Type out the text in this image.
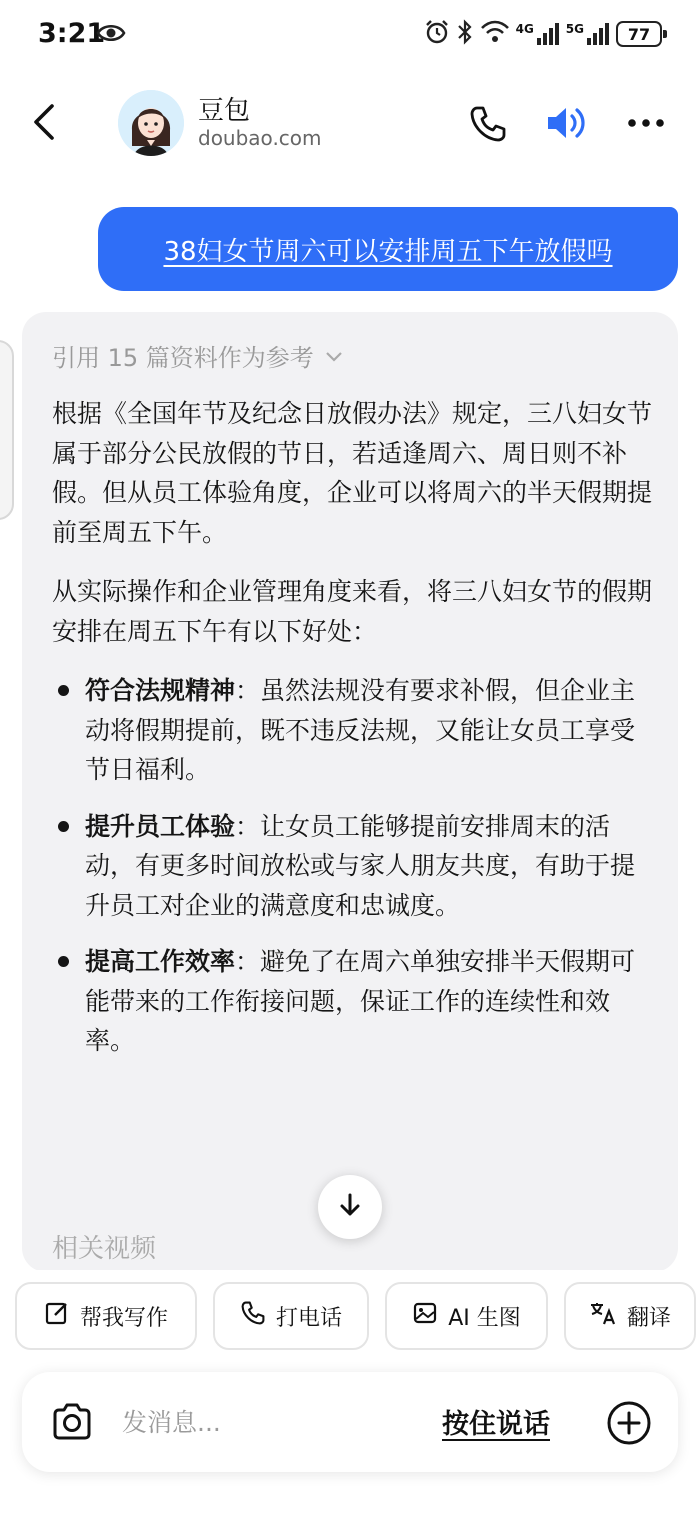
3:21	4G	5G	77
豆包
doubao.com
38妇女节周六可以安排周五下午放假吗
引用 15 篇资料作为参考

根据《全国年节及纪念日放假办法》规定，三八妇女节属于部分公民放假的节日，若适逢周六、周日则不补假。但从员工体验角度，企业可以将周六的半天假期提前至周五下午。

从实际操作和企业管理角度来看，将三八妇女节的假期安排在周五下午有以下好处：

符合法规精神：虽然法规没有要求补假，但企业主动将假期提前，既不违反法规，又能让女员工享受节日福利。
提升员工体验：让女员工能够提前安排周末的活动，有更多时间放松或与家人朋友共度，有助于提升员工对企业的满意度和忠诚度。
提高工作效率：避免了在周六单独安排半天假期可能带来的工作衔接问题，保证工作的连续性和效率。
相关视频
帮我写作	打电话	AI 生图	翻译
发消息...
按住说话
